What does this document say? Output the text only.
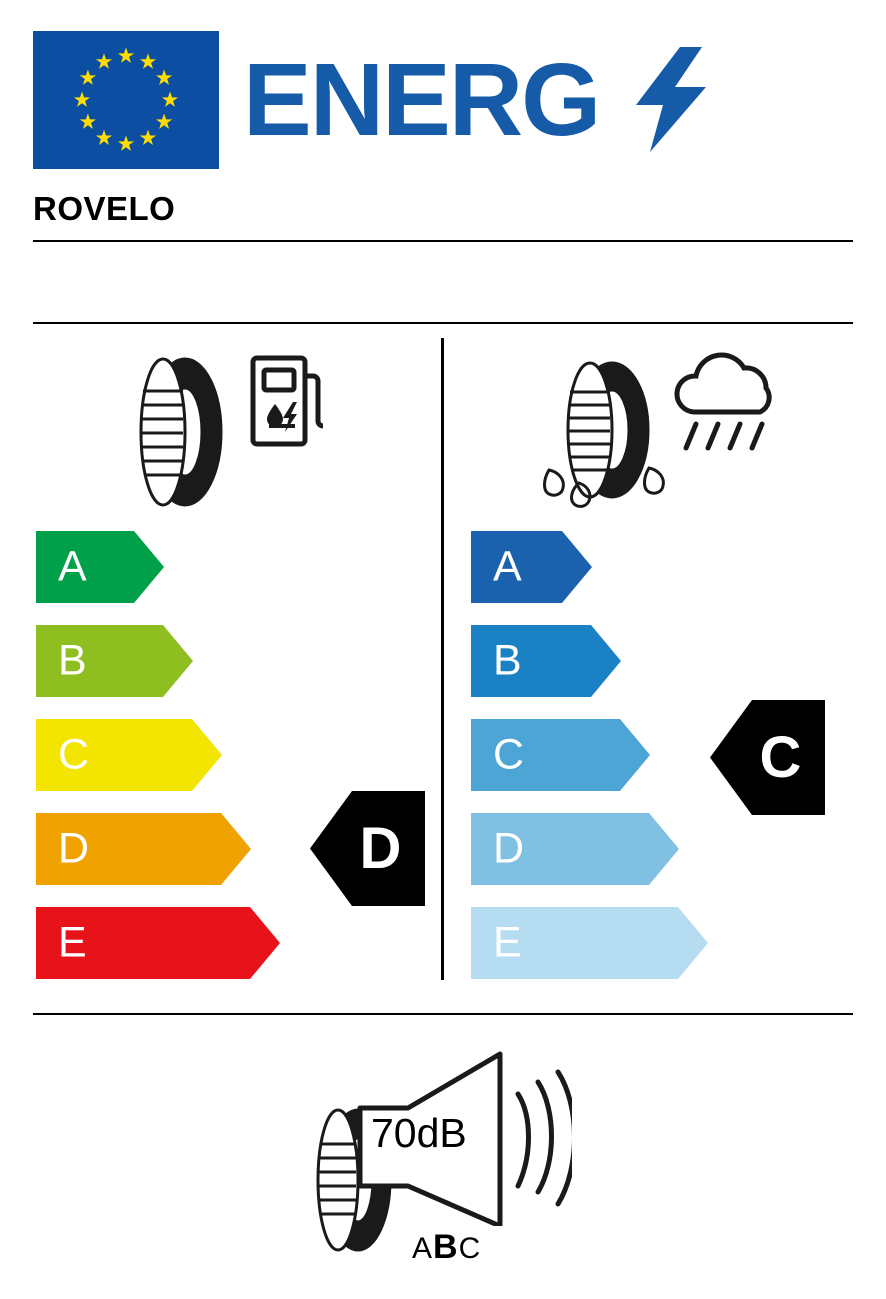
ENERG
ROVELO
A
B
C
D
E
D
A
B
C
D
E
C
70dB
ABC
